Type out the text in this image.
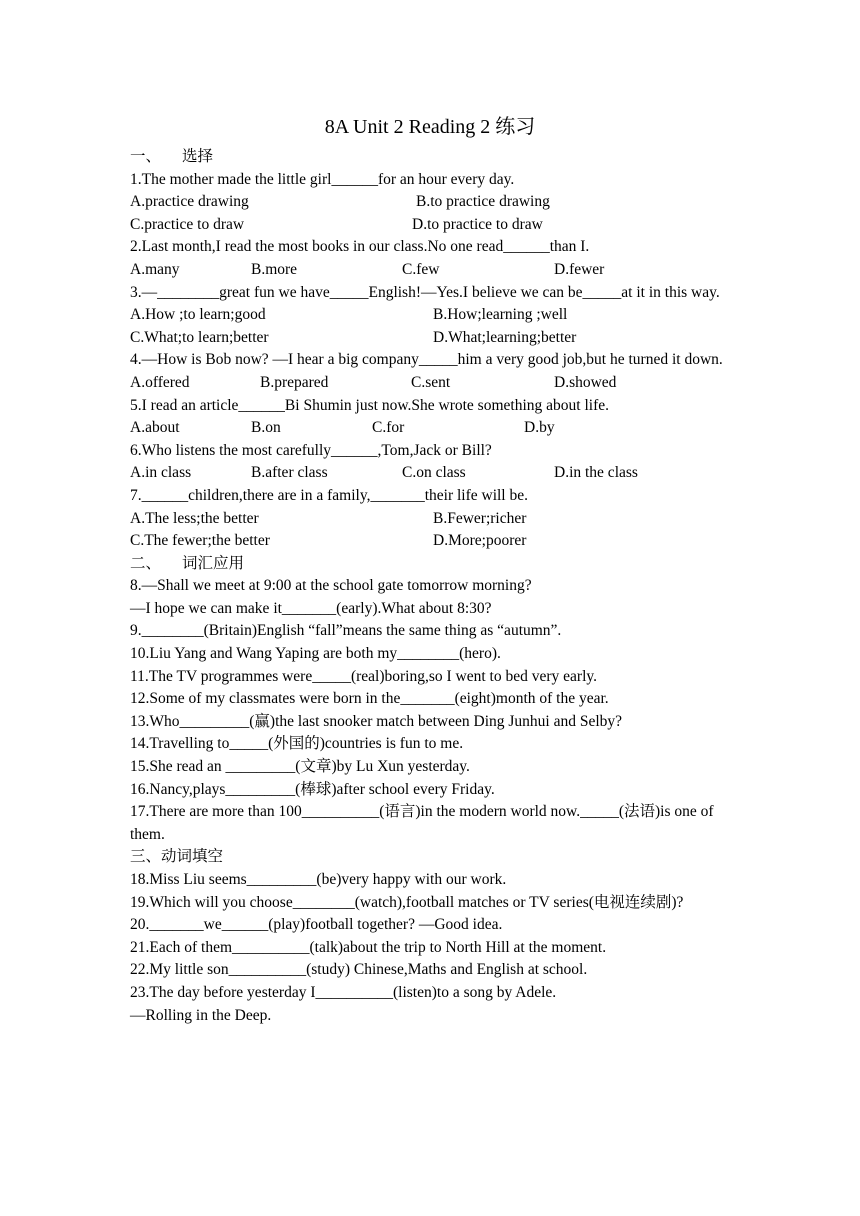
8A Unit 2 Reading 2 练习
一、 选择

1.The mother made the little girl______for an hour every day.

A.practice drawing	B.to practice drawing
C.practice to draw	D.to practice to draw

2.Last month,I read the most books in our class.No one read______than I.

A.many	B.more	C.few	D.fewer

3.—________great fun we have_____English!—Yes.I believe we can be_____at it in this way.

A.How ;to learn;good	B.How;learning ;well
C.What;to learn;better	D.What;learning;better

4.—How is Bob now? —I hear a big company_____him a very good job,but he turned it down.

A.offered	B.prepared	C.sent	D.showed

5.I read an article______Bi Shumin just now.She wrote something about life.

A.about	B.on	C.for	D.by

6.Who listens the most carefully______,Tom,Jack or Bill?

A.in class	B.after class	C.on class	D.in the class

7.______children,there are in a family,_______their life will be.

A.The less;the better	B.Fewer;richer
C.The fewer;the better	D.More;poorer
二、 词汇应用

8.—Shall we meet at 9:00 at the school gate tomorrow morning?

—I hope we can make it_______(early).What about 8:30?

9.________(Britain)English “fall”means the same thing as “autumn”.

10.Liu Yang and Wang Yaping are both my________(hero).

11.The TV programmes were_____(real)boring,so I went to bed very early.

12.Some of my classmates were born in the_______(eight)month of the year.

13.Who_________(赢)the last snooker match between Ding Junhui and Selby?

14.Travelling to_____(外国的)countries is fun to me.

15.She read an _________(文章)by Lu Xun yesterday.

16.Nancy,plays_________(棒球)after school every Friday.

17.There are more than 100__________(语言)in the modern world now._____(法语)is one of them.

三、动词填空

18.Miss Liu seems_________(be)very happy with our work.

19.Which will you choose________(watch),football matches or TV series(电视连续剧)?

20._______we______(play)football together? —Good idea.

21.Each of them__________(talk)about the trip to North Hill at the moment.

22.My little son__________(study) Chinese,Maths and English at school.

23.The day before yesterday I__________(listen)to a song by Adele.

—Rolling in the Deep.
